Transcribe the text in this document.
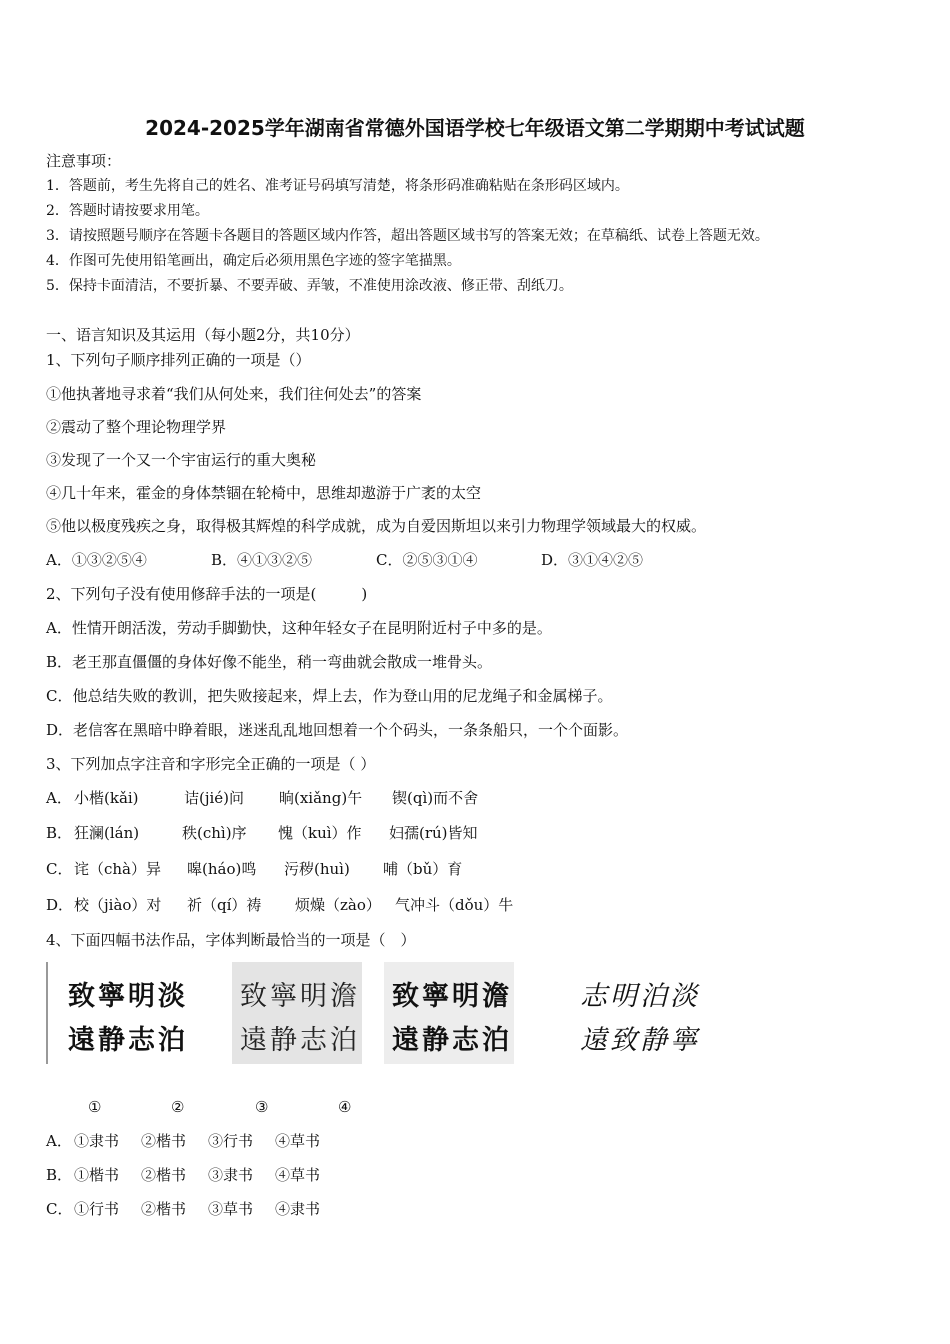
2024-2025学年湖南省常德外国语学校七年级语文第二学期期中考试试题
注意事项：
1．答题前，考生先将自己的姓名、准考证号码填写清楚，将条形码准确粘贴在条形码区域内。
2．答题时请按要求用笔。
3．请按照题号顺序在答题卡各题目的答题区域内作答，超出答题区域书写的答案无效；在草稿纸、试卷上答题无效。
4．作图可先使用铅笔画出，确定后必须用黑色字迹的签字笔描黑。
5．保持卡面清洁，不要折暴、不要弄破、弄皱，不准使用涂改液、修正带、刮纸刀。
一、语言知识及其运用（每小题2分，共10分）
1、下列句子顺序排列正确的一项是（）
①他执著地寻求着“我们从何处来，我们往何处去”的答案
②震动了整个理论物理学界
③发现了一个又一个宇宙运行的重大奥秘
④几十年来，霍金的身体禁锢在轮椅中，思维却遨游于广袤的太空
⑤他以极度残疾之身，取得极其辉煌的科学成就，成为自爱因斯坦以来引力物理学领域最大的权威。
A．①③②⑤④	B．④①③②⑤	C．②⑤③①④	D．③①④②⑤
2、下列句子没有使用修辞手法的一项是(　　　)
A．性情开朗活泼，劳动手脚勤快，这种年轻女子在昆明附近村子中多的是。
B．老王那直僵僵的身体好像不能坐，稍一弯曲就会散成一堆骨头。
C．他总结失败的教训，把失败接起来，焊上去，作为登山用的尼龙绳子和金属梯子。
D．老信客在黑暗中睁着眼，迷迷乱乱地回想着一个个码头，一条条船只，一个个面影。
3、下列加点字注音和字形完全正确的一项是（ ）
A． 小楷(kǎi)	诘(jié)问 晌(xiǎng)午 锲(qì)而不舍
B． 狂澜(lán)	秩(chì)序 愧（kuì）作 妇孺(rú)皆知
C． 诧（chà）异 嗥(háo)鸣 污秽(huì) 哺（bǔ）育
D．校（jiào）对 祈（qí）祷 烦燥（zào） 气冲斗（dǒu）牛
4、下面四幅书法作品，字体判断最恰当的一项是（　）
致寧明淡
遠静志泊
致寧明澹
遠静志泊
致寧明澹
遠静志泊
志明泊淡
遠致静寧
①	②	③	④
A． ①隶书 ②楷书 ③行书 ④草书
B． ①楷书 ②楷书 ③隶书 ④草书
C． ①行书 ②楷书 ③草书 ④隶书
